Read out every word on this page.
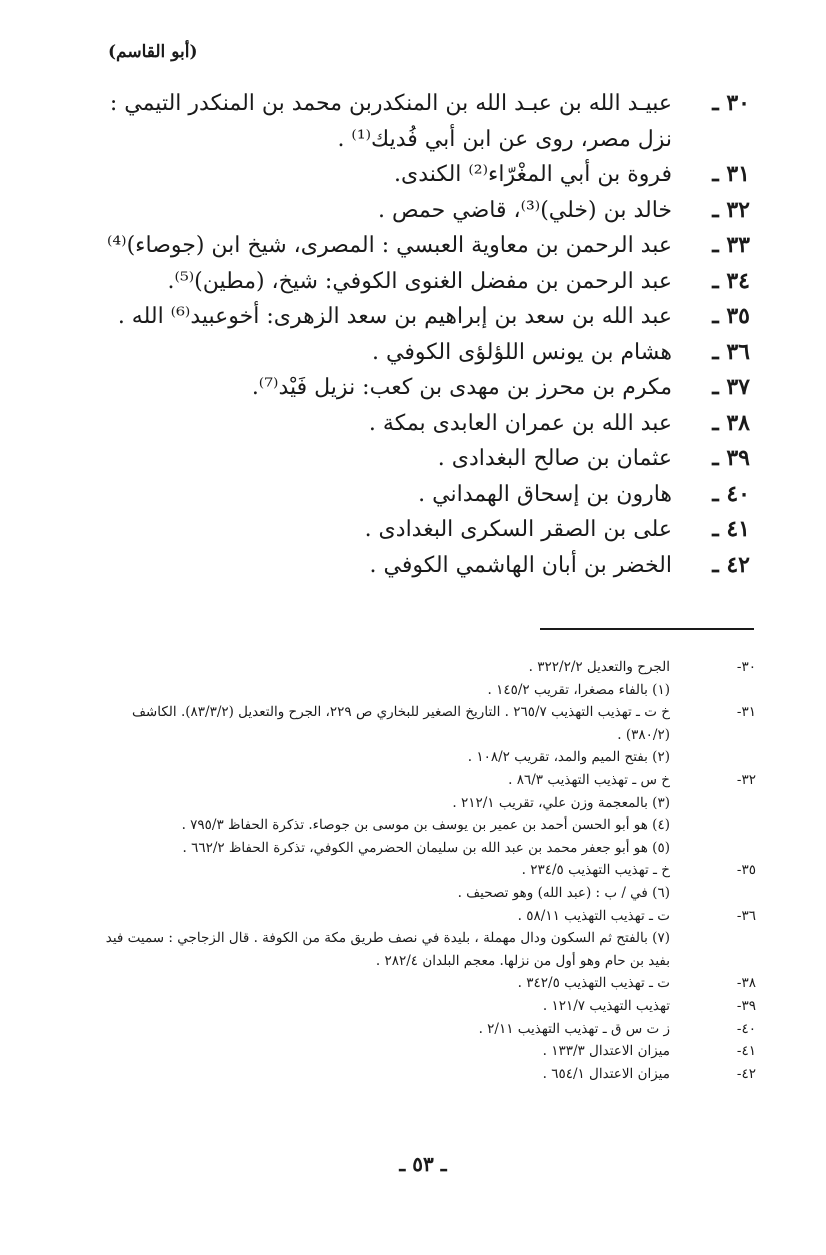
(أبو القاسم)
٣٠ ـ
عبيـد الله بن عبـد الله بن المنكدربن محمد بن المنكدر التيمي : نزل مصر، روى عن ابن أبي فُديك⁽¹⁾ .
٣١ ـ
فروة بن أبي المغْرّاء⁽²⁾ الكندى.
٣٢ ـ
خالد بن (خلي)⁽³⁾، قاضي حمص .
٣٣ ـ
عبد الرحمن بن معاوية العبسي : المصرى، شيخ ابن (جوصاء)⁽⁴⁾
٣٤ ـ
عبد الرحمن بن مفضل الغنوى الكوفي: شيخ، (مطين)⁽⁵⁾.
٣٥ ـ
عبد الله بن سعد بن إبراهيم بن سعد الزهرى: أخوعبيد⁽⁶⁾ الله .
٣٦ ـ
هشام بن يونس اللؤلؤى الكوفي .
٣٧ ـ
مكرم بن محرز بن مهدى بن كعب: نزيل فَيْد⁽⁷⁾.
٣٨ ـ
عبد الله بن عمران العابدى بمكة .
٣٩ ـ
عثمان بن صالح البغدادى .
٤٠ ـ
هارون بن إسحاق الهمداني .
٤١ ـ
على بن الصقر السكرى البغدادى .
٤٢ ـ
الخضر بن أبان الهاشمي الكوفي .
٣٠-
الجرح والتعديل ٣٢٢/٢/٢ .
(١) بالفاء مصغرا، تقريب ١٤٥/٢ .
٣١-
خ ت ـ تهذيب التهذيب ٢٦٥/٧ . التاريخ الصغير للبخاري ص ٢٢٩، الجرح والتعديل (٨٣/٣/٢). الكاشف (٣٨٠/٢) .
(٢) بفتح الميم والمد، تقريب ١٠٨/٢ .
٣٢-
خ س ـ تهذيب التهذيب ٨٦/٣ .
(٣) بالمعجمة وزن علي، تقريب ٢١٢/١ .
(٤) هو أبو الحسن أحمد بن عمير بن يوسف بن موسى بن جوصاء. تذكرة الحفاظ ٧٩٥/٣ .
(٥) هو أبو جعفر محمد بن عبد الله بن سليمان الحضرمي الكوفي، تذكرة الحفاظ ٦٦٢/٢ .
٣٥-
خ ـ تهذيب التهذيب ٢٣٤/٥ .
(٦) في / ب : (عبد الله) وهو تصحيف .
٣٦-
ت ـ تهذيب التهذيب ٥٨/١١ .
(٧) بالفتح ثم السكون ودال مهملة ، بليدة في نصف طريق مكة من الكوفة . قال الزجاجي : سميت فيد بفيد بن حام وهو أول من نزلها. معجم البلدان ٢٨٢/٤ .
٣٨-
ت ـ تهذيب التهذيب ٣٤٢/٥ .
٣٩-
تهذيب التهذيب ١٢١/٧ .
٤٠-
ز ت س ق ـ تهذيب التهذيب ٢/١١ .
٤١-
ميزان الاعتدال ١٣٣/٣ .
٤٢-
ميزان الاعتدال ٦٥٤/١ .
ـ ٥٣ ـ
